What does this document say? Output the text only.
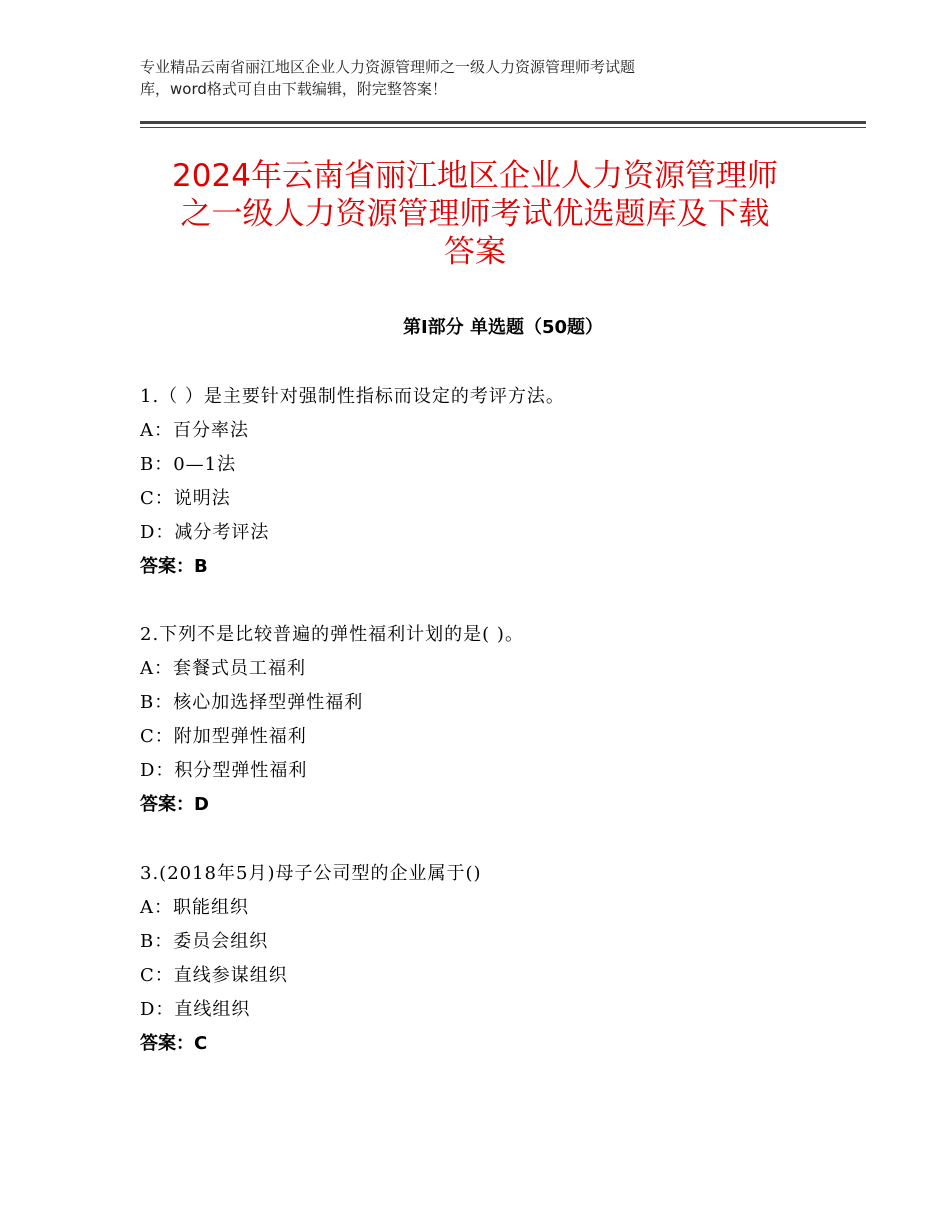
专业精品云南省丽江地区企业人力资源管理师之一级人力资源管理师考试题
库，word格式可自由下载编辑，附完整答案！
2024年云南省丽江地区企业人力资源管理师
之一级人力资源管理师考试优选题库及下载
答案
第Ⅰ部分 单选题（50题）
1.（ ）是主要针对强制性指标而设定的考评方法。
A：百分率法
B：0—1法
C：说明法
D：减分考评法
答案：B
2.下列不是比较普遍的弹性福利计划的是( )。
A：套餐式员工福利
B：核心加选择型弹性福利
C：附加型弹性福利
D：积分型弹性福利
答案：D
3.(2018年5月)母子公司型的企业属于()
A：职能组织
B：委员会组织
C：直线参谋组织
D：直线组织
答案：C
